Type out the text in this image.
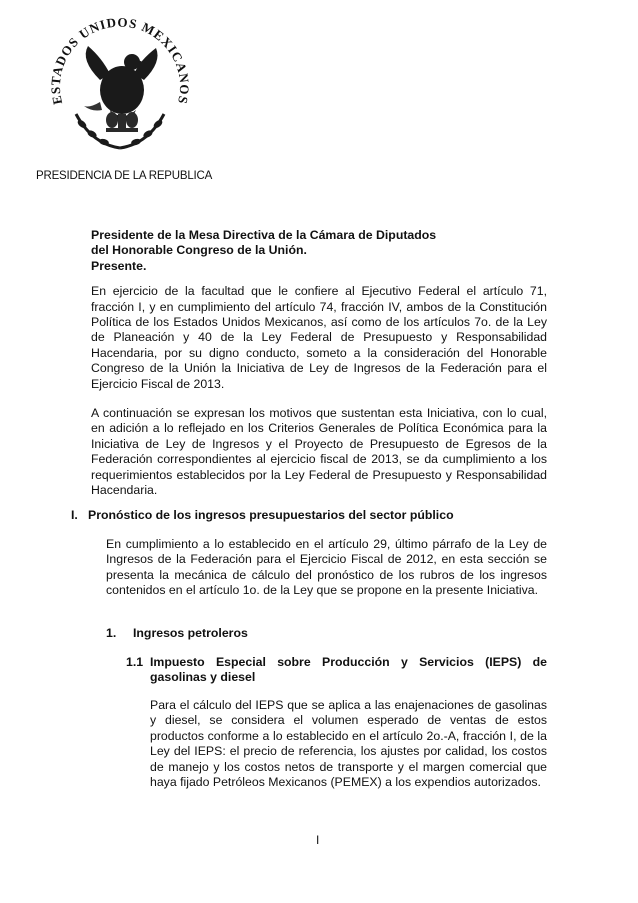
ESTADOS UNIDOS MEXICANOS
PRESIDENCIA DE LA REPUBLICA

Presidente de la Mesa Directiva de la Cámara de Diputados

del Honorable Congreso de la Unión.

Presente.

En ejercicio de la facultad que le confiere al Ejecutivo Federal el artículo 71, fracción I, y en cumplimiento del artículo 74, fracción IV, ambos de la Constitución Política de los Estados Unidos Mexicanos, así como de los artículos 7o. de la Ley de Planeación y 40 de la Ley Federal de Presupuesto y Responsabilidad Hacendaria, por su digno conducto, someto a la consideración del Honorable Congreso de la Unión la Iniciativa de Ley de Ingresos de la Federación para el Ejercicio Fiscal de 2013.

A continuación se expresan los motivos que sustentan esta Iniciativa, con lo cual, en adición a lo reflejado en los Criterios Generales de Política Económica para la Iniciativa de Ley de Ingresos y el Proyecto de Presupuesto de Egresos de la Federación correspondientes al ejercicio fiscal de 2013, se da cumplimiento a los requerimientos establecidos por la Ley Federal de Presupuesto y Responsabilidad Hacendaria.

I. Pronóstico de los ingresos presupuestarios del sector público

En cumplimiento a lo establecido en el artículo 29, último párrafo de la Ley de Ingresos de la Federación para el Ejercicio Fiscal de 2012, en esta sección se presenta la mecánica de cálculo del pronóstico de los rubros de los ingresos contenidos en el artículo 1o. de la Ley que se propone en la presente Iniciativa.

1.	Ingresos petroleros
1.1 Impuesto Especial sobre Producción y Servicios (IEPS) de gasolinas y diesel

Para el cálculo del IEPS que se aplica a las enajenaciones de gasolinas y diesel, se considera el volumen esperado de ventas de estos productos conforme a lo establecido en el artículo 2o.-A, fracción I, de la Ley del IEPS: el precio de referencia, los ajustes por calidad, los costos de manejo y los costos netos de transporte y el margen comercial que haya fijado Petróleos Mexicanos (PEMEX) a los expendios autorizados.

I
